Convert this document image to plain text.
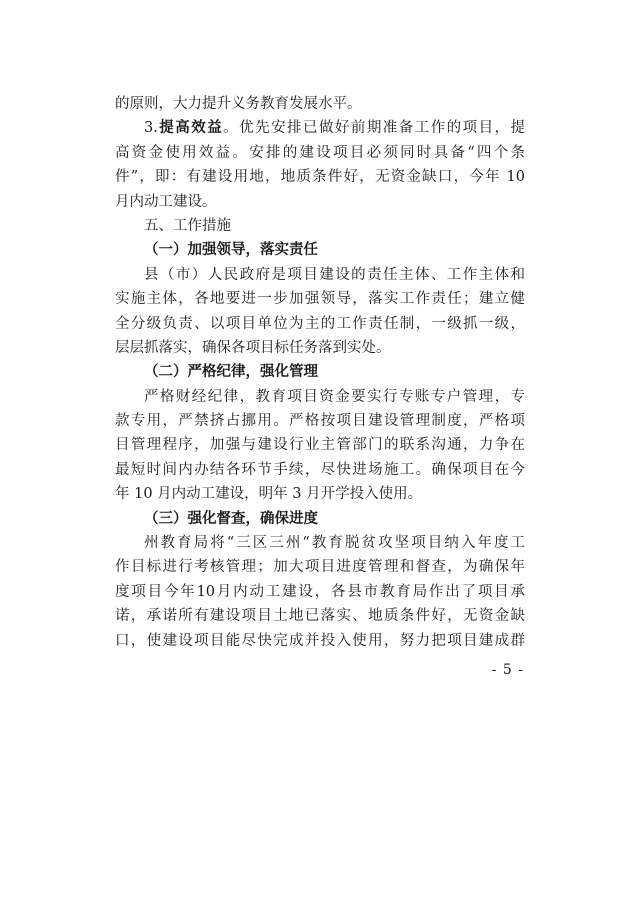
的原则，大力提升义务教育发展水平。
3.提高效益。优先安排已做好前期准备工作的项目，提
高资金使用效益。安排的建设项目必须同时具备“四个条
件”，即：有建设用地，地质条件好，无资金缺口，今年 10
月内动工建设。
五、工作措施
（一）加强领导，落实责任
县（市）人民政府是项目建设的责任主体、工作主体和
实施主体，各地要进一步加强领导，落实工作责任；建立健
全分级负责、以项目单位为主的工作责任制，一级抓一级，
层层抓落实，确保各项目标任务落到实处。
（二）严格纪律，强化管理
严格财经纪律，教育项目资金要实行专账专户管理，专
款专用，严禁挤占挪用。严格按项目建设管理制度，严格项
目管理程序，加强与建设行业主管部门的联系沟通，力争在
最短时间内办结各环节手续，尽快进场施工。确保项目在今
年 10 月内动工建设，明年 3 月开学投入使用。
（三）强化督查，确保进度
州教育局将“三区三州“教育脱贫攻坚项目纳入年度工
作目标进行考核管理；加大项目进度管理和督查，为确保年
度项目今年10月内动工建设，各县市教育局作出了项目承
诺，承诺所有建设项目土地已落实、地质条件好，无资金缺
口，使建设项目能尽快完成并投入使用，努力把项目建成群
- 5 -
